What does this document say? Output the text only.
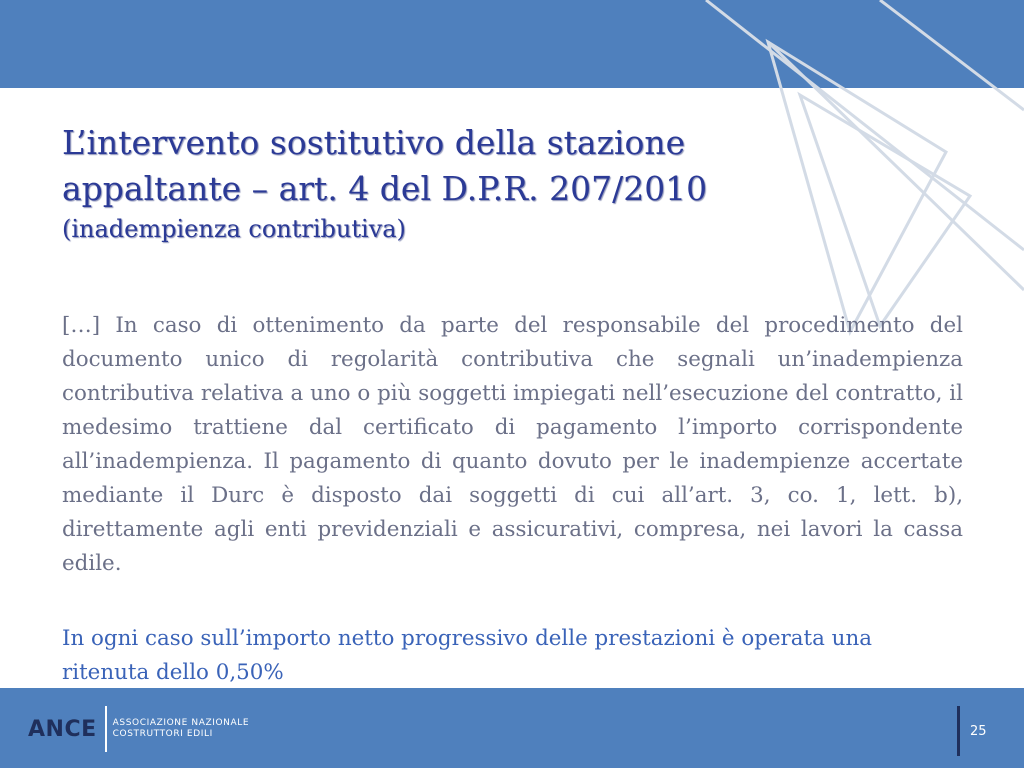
L’intervento sostitutivo della stazione
appaltante – art. 4 del D.P.R. 207/2010
(inadempienza contributiva)

[…] In caso di ottenimento da parte del responsabile del procedimento del documento unico di regolarità contributiva che segnali un’inadempienza contributiva relativa a uno o più soggetti impiegati nell’esecuzione del contratto, il medesimo trattiene dal certificato di pagamento l’importo corrispondente all’inadempienza. Il pagamento di quanto dovuto per le inadempienze accertate mediante il Durc è disposto dai soggetti di cui all’art. 3, co. 1, lett. b), direttamente agli enti previdenziali e assicurativi, compresa, nei lavori la cassa edile.

In ogni caso sull’importo netto progressivo delle prestazioni è operata una ritenuta dello 0,50%

ANCE ASSOCIAZIONE NAZIONALE
COSTRUTTORI EDILI	25
